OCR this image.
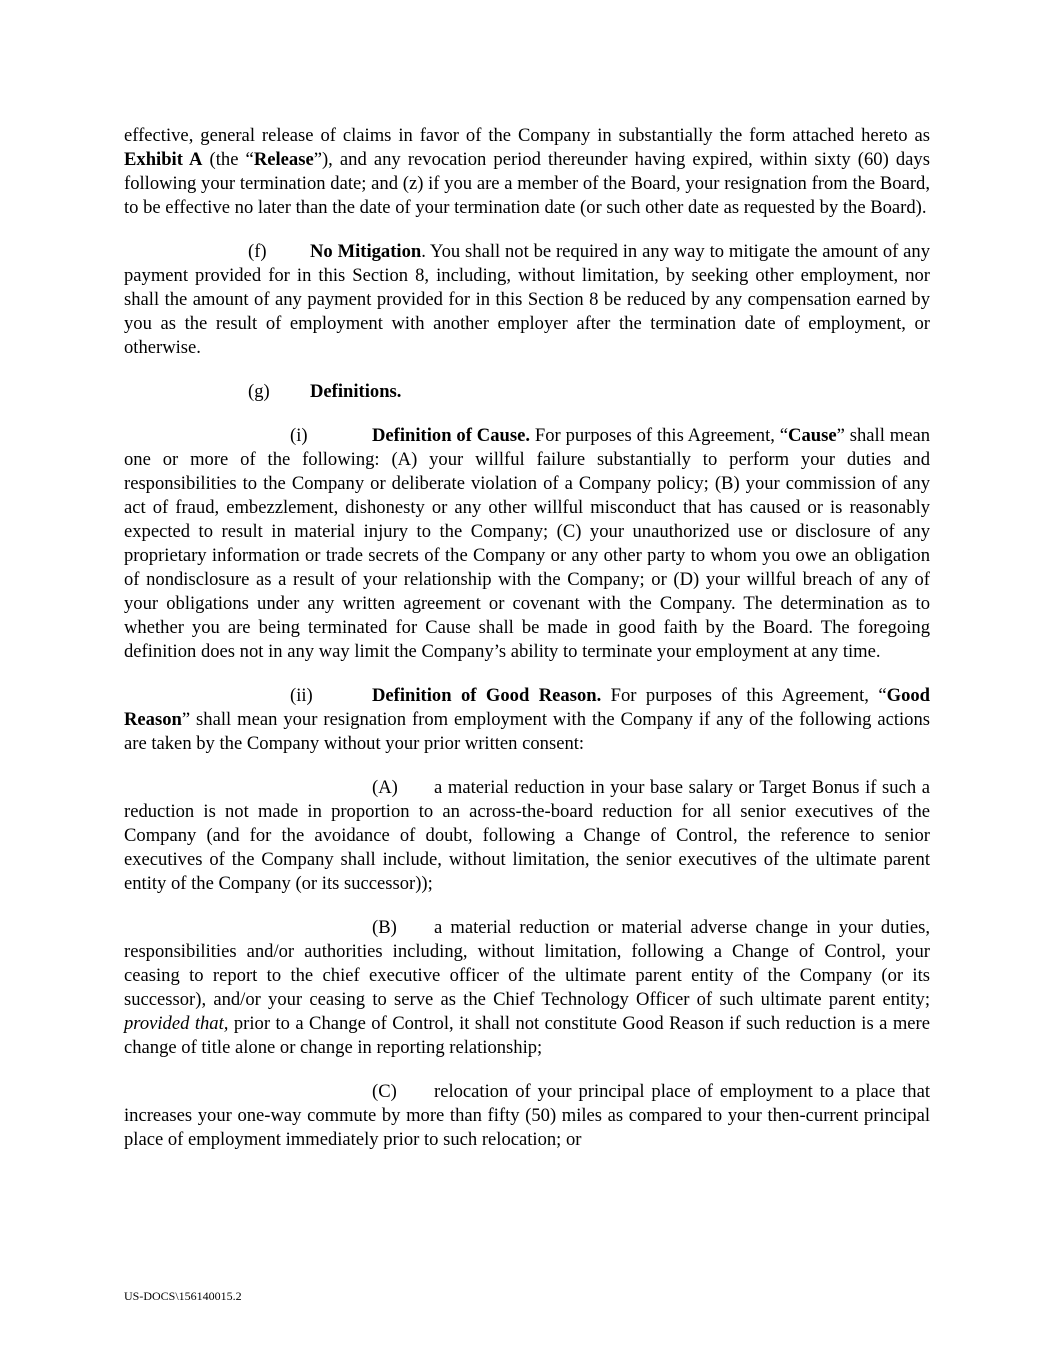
effective, general release of claims in favor of the Company in substantially the form attached hereto as Exhibit A (the “Release”), and any revocation period thereunder having expired, within sixty (60) days following your termination date; and (z) if you are a member of the Board, your resignation from the Board, to be effective no later than the date of your termination date (or such other date as requested by the Board).

(f) No Mitigation. You shall not be required in any way to mitigate the amount of any payment provided for in this Section 8, including, without limitation, by seeking other employment, nor shall the amount of any payment provided for in this Section 8 be reduced by any compensation earned by you as the result of employment with another employer after the termination date of employment, or otherwise.

(g) Definitions.

(i)	Definition of Cause. For purposes of this Agreement, “Cause” shall mean one or more of the following: (A) your willful failure substantially to perform your duties and responsibilities to the Company or deliberate violation of a Company policy; (B) your commission of any act of fraud, embezzlement, dishonesty or any other willful misconduct that has caused or is reasonably expected to result in material injury to the Company; (C) your unauthorized use or disclosure of any proprietary information or trade secrets of the Company or any other party to whom you owe an obligation of nondisclosure as a result of your relationship with the Company; or (D) your willful breach of any of your obligations under any written agreement or covenant with the Company. The determination as to whether you are being terminated for Cause shall be made in good faith by the Board. The foregoing definition does not in any way limit the Company’s ability to terminate your employment at any time.

(ii)	Definition of Good Reason. For purposes of this Agreement, “Good Reason” shall mean your resignation from employment with the Company if any of the following actions are taken by the Company without your prior written consent:

(A) a material reduction in your base salary or Target Bonus if such a reduction is not made in proportion to an across-the-board reduction for all senior executives of the Company (and for the avoidance of doubt, following a Change of Control, the reference to senior executives of the Company shall include, without limitation, the senior executives of the ultimate parent entity of the Company (or its successor));

(B) a material reduction or material adverse change in your duties, responsibilities and/or authorities including, without limitation, following a Change of Control, your ceasing to report to the chief executive officer of the ultimate parent entity of the Company (or its successor), and/or your ceasing to serve as the Chief Technology Officer of such ultimate parent entity; provided that, prior to a Change of Control, it shall not constitute Good Reason if such reduction is a mere change of title alone or change in reporting relationship;

(C) relocation of your principal place of employment to a place that increases your one-way commute by more than fifty (50) miles as compared to your then-current principal place of employment immediately prior to such relocation; or

US-DOCS\156140015.2
